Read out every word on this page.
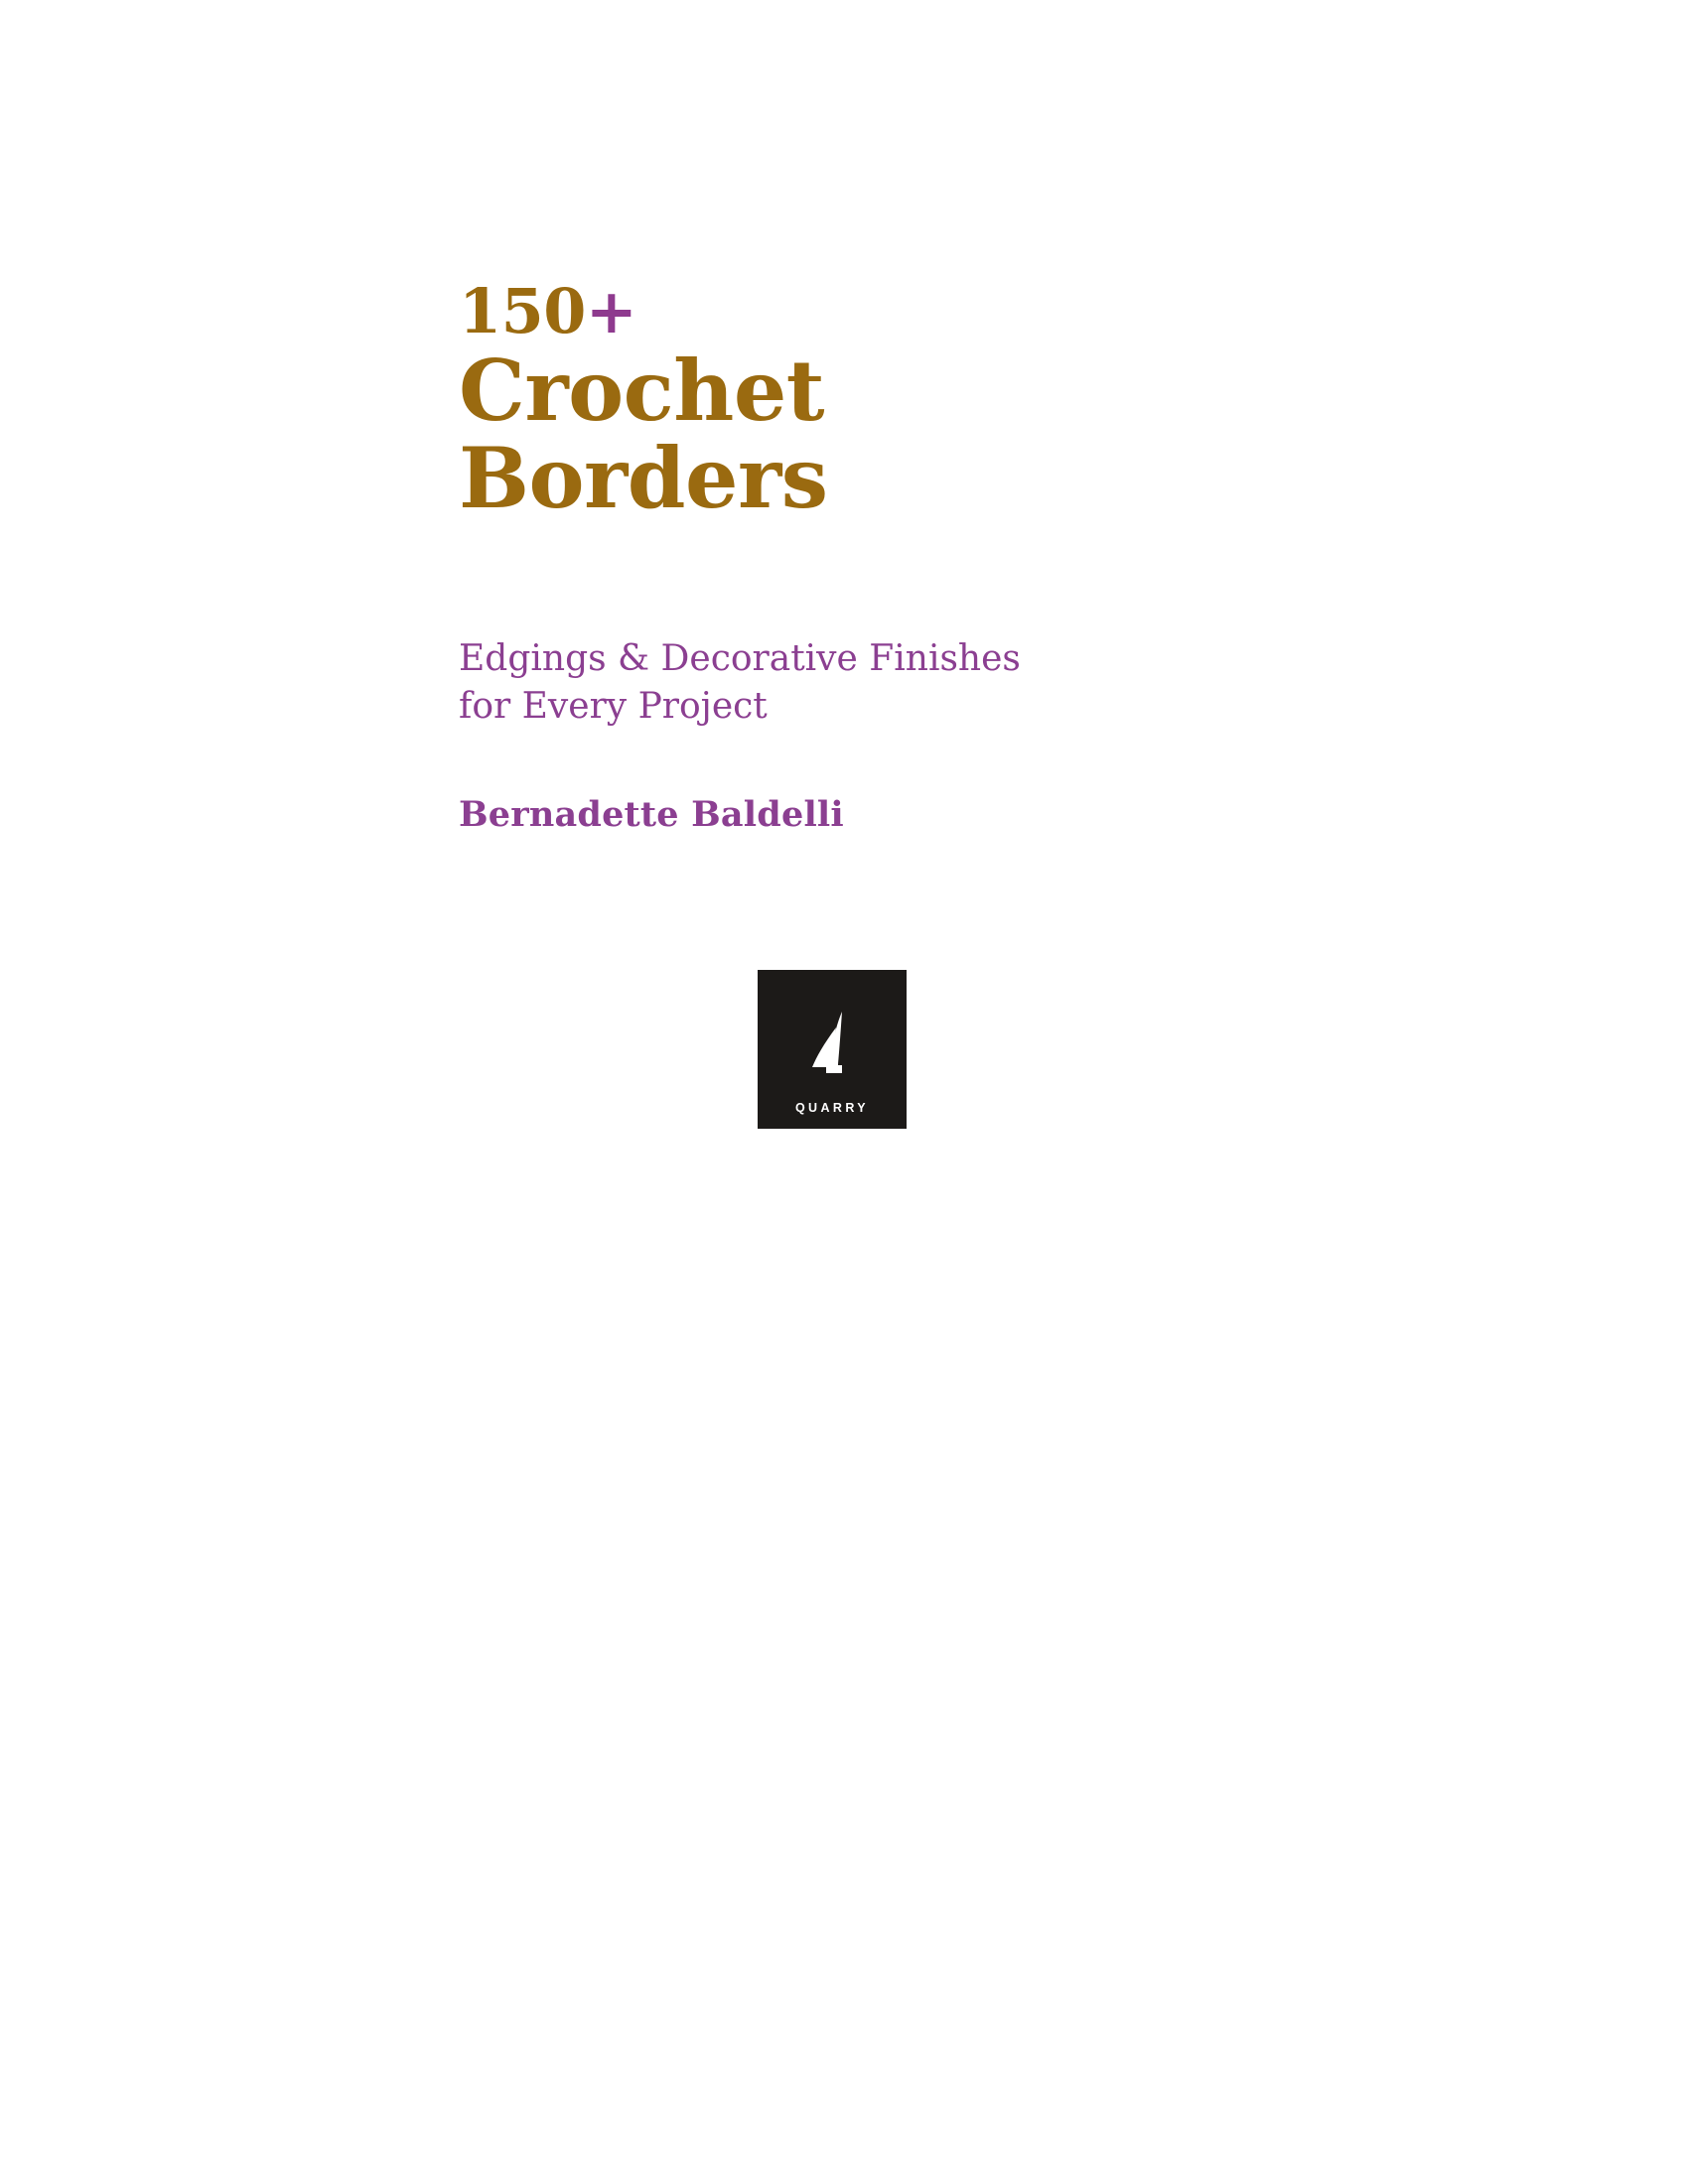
150+
Crochet
Borders
Edgings & Decorative Finishes
for Every Project
Bernadette Baldelli
QUARRY
